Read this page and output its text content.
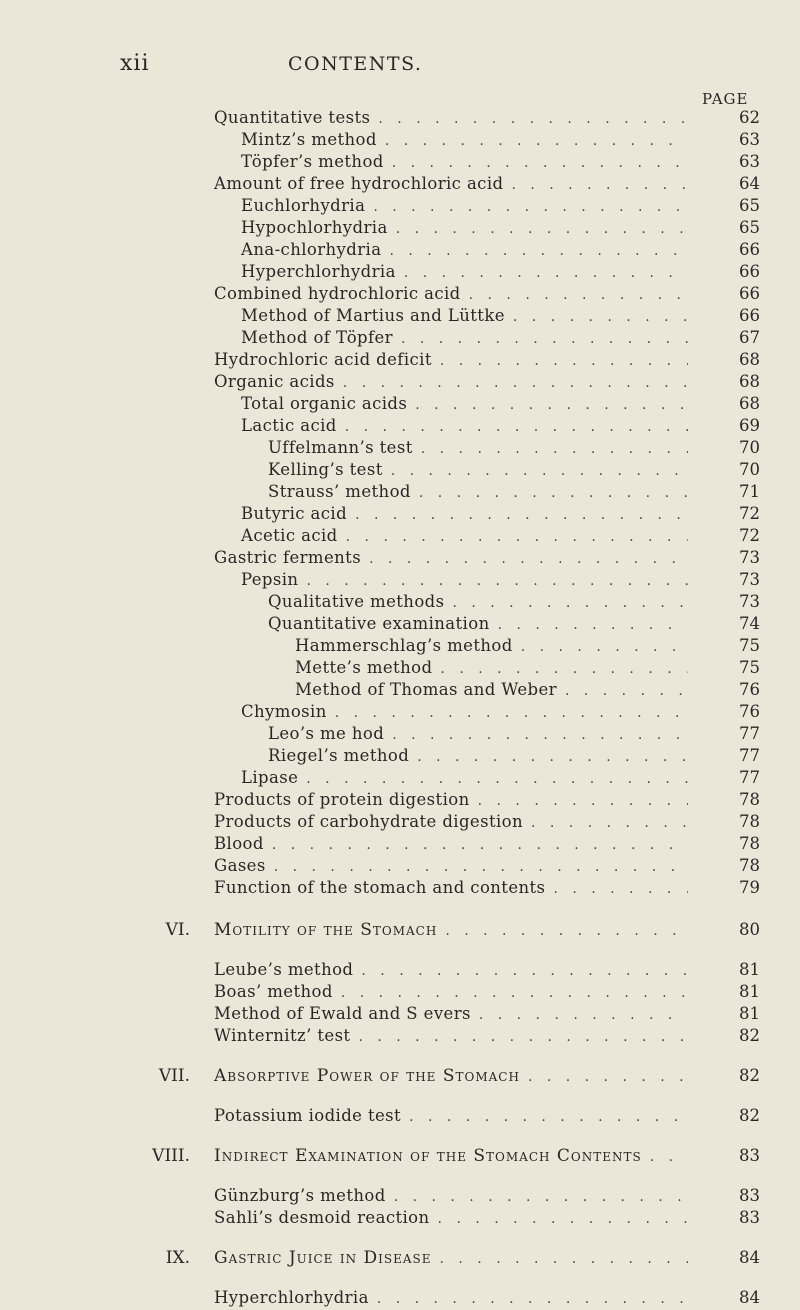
xii	CONTENTS.
PAGE
Quantitative tests . . .	62
Mintz’s method . . .	63
Töpfer’s method . . .	63
Amount of free hydrochloric acid . . .	64
Euchlorhydria . . .	65
Hypochlorhydria . . .	65
Ana-chlorhydria . . .	66
Hyperchlorhydria . . .	66
Combined hydrochloric acid . . .	66
Method of Martius and Lüttke . . .	66
Method of Töpfer . . .	67
Hydrochloric acid deficit . . .	68
Organic acids . . .	68
Total organic acids . . .	68
Lactic acid . . .	69
Uffelmann’s test . . .	70
Kelling’s test . . .	70
Strauss’ method . . .	71
Butyric acid . . .	72
Acetic acid . . .	72
Gastric ferments . . .	73
Pepsin . . .	73
Qualitative methods . . .	73
Quantitative examination . . .	74
Hammerschlag’s method . . .	75
Mette’s method . . .	75
Method of Thomas and Weber . . .	76
Chymosin . . .	76
Leo’s me hod . . .	77
Riegel’s method . . .	77
Lipase . . .	77
Products of protein digestion . . .	78
Products of carbohydrate digestion . . .	78
Blood . . .	78
Gases . . .	78
Function of the stomach and contents . . .	79
VI. Motility of the Stomach . . .	80
Leube’s method . . .	81
Boas’ method . . .	81
Method of Ewald and S evers . . .	81
Winternitz’ test . . .	82
VII. Absorptive Power of the Stomach . . .	82
Potassium iodide test . . .	82
VIII. Indirect Examination of the Stomach Contents . . .	83
Günzburg’s method . . .	83
Sahli’s desmoid reaction . . .	83
IX. Gastric Juice in Disease . . .	84
Hyperchlorhydria . . .	84
